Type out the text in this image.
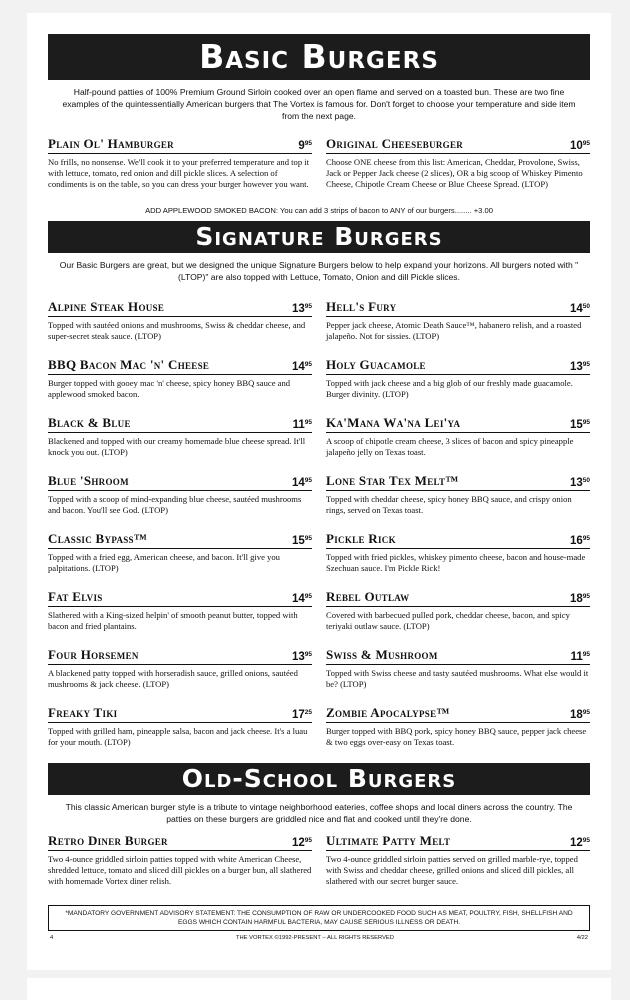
Basic Burgers
Half-pound patties of 100% Premium Ground Sirloin cooked over an open flame and served on a toasted bun. These are two fine examples of the quintessentially American burgers that The Vortex is famous for. Don't forget to choose your temperature and side item from the next page.
Plain Ol' Hamburger	$9^{95}$
No frills, no nonsense. We'll cook it to your preferred temperature and top it with lettuce, tomato, red onion and dill pickle slices. A selection of condiments is on the table, so you can dress your burger however you want.
Original Cheeseburger	$10^{95}$
Choose ONE cheese from this list: American, Cheddar, Provolone, Swiss, Jack or Pepper Jack cheese (2 slices), OR a big scoop of Whiskey Pimento Cheese, Chipotle Cream Cheese or Blue Cheese Spread. (LTOP)
ADD APPLEWOOD SMOKED BACON: You can add 3 strips of bacon to ANY of our burgers........ +3.00
Signature Burgers
Our Basic Burgers are great, but we designed the unique Signature Burgers below to help expand your horizons. All burgers noted with "(LTOP)" are also topped with Lettuce, Tomato, Onion and dill Pickle slices.
Alpine Steak House	$13^{95}$
Topped with sautéed onions and mushrooms, Swiss & cheddar cheese, and super-secret steak sauce. (LTOP)
Hell's Fury	$14^{50}$
Pepper jack cheese, Atomic Death Sauce™, habanero relish, and a roasted jalapeño. Not for sissies. (LTOP)
BBQ Bacon Mac 'n' Cheese	$14^{95}$
Burger topped with gooey mac 'n' cheese, spicy honey BBQ sauce and applewood smoked bacon.
Holy Guacamole	$13^{95}$
Topped with jack cheese and a big glob of our freshly made guacamole. Burger divinity. (LTOP)
Black & Blue	$11^{95}$
Blackened and topped with our creamy homemade blue cheese spread. It'll knock you out. (LTOP)
Ka'Mana Wa'na Lei'ya	$15^{95}$
A scoop of chipotle cream cheese, 3 slices of bacon and spicy pineapple jalapeño jelly on Texas toast.
Blue 'Shroom	$14^{95}$
Topped with a scoop of mind-expanding blue cheese, sautéed mushrooms and bacon. You'll see God. (LTOP)
Lone Star Tex Melt™	$13^{50}$
Topped with cheddar cheese, spicy honey BBQ sauce, and crispy onion rings, served on Texas toast.
Classic Bypass™	$15^{95}$
Topped with a fried egg, American cheese, and bacon. It'll give you palpitations. (LTOP)
Pickle Rick	$16^{95}$
Topped with fried pickles, whiskey pimento cheese, bacon and house-made Szechuan sauce. I'm Pickle Rick!
Fat Elvis	$14^{95}$
Slathered with a King-sized helpin' of smooth peanut butter, topped with bacon and fried plantains.
Rebel Outlaw	$18^{95}$
Covered with barbecued pulled pork, cheddar cheese, bacon, and spicy teriyaki outlaw sauce. (LTOP)
Four Horsemen	$13^{95}$
A blackened patty topped with horseradish sauce, grilled onions, sautéed mushrooms & jack cheese. (LTOP)
Swiss & Mushroom	$11^{95}$
Topped with Swiss cheese and tasty sautéed mushrooms. What else would it be? (LTOP)
Freaky Tiki	$17^{25}$
Topped with grilled ham, pineapple salsa, bacon and jack cheese. It's a luau for your mouth. (LTOP)
Zombie Apocalypse™	$18^{95}$
Burger topped with BBQ pork, spicy honey BBQ sauce, pepper jack cheese & two eggs over-easy on Texas toast.
Old-School Burgers
This classic American burger style is a tribute to vintage neighborhood eateries, coffee shops and local diners across the country. The patties on these burgers are griddled nice and flat and cooked until they're done.
Retro Diner Burger	$12^{95}$
Two 4-ounce griddled sirloin patties topped with white American Cheese, shredded lettuce, tomato and sliced dill pickles on a burger bun, all slathered with homemade Vortex diner relish.
Ultimate Patty Melt	$12^{95}$
Two 4-ounce griddled sirloin patties served on grilled marble-rye, topped with Swiss and cheddar cheese, grilled onions and sliced dill pickles, all slathered with our secret burger sauce.
*MANDATORY GOVERNMENT ADVISORY STATEMENT: THE CONSUMPTION OF RAW OR UNDERCOOKED FOOD SUCH AS MEAT, POULTRY, FISH, SHELLFISH AND EGGS WHICH CONTAIN HARMFUL BACTERIA, MAY CAUSE SERIOUS ILLNESS OR DEATH.
4	THE VORTEX ©1992-PRESENT – ALL RIGHTS RESERVED	4/22
